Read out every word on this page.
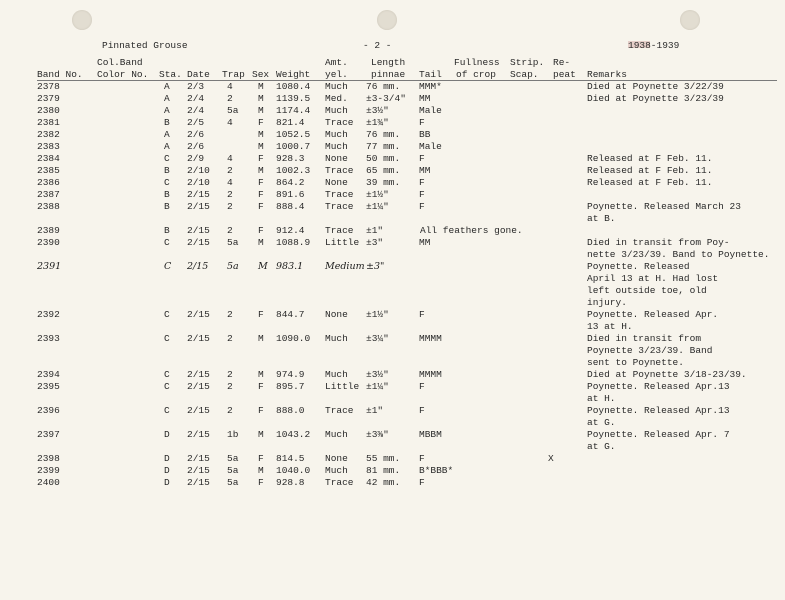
Pinnated Grouse	- 2 -	1938-1939
Col.Band	Amt. Length	Fullness Strip. Re-
Band No. Color No. Sta. Date Trap Sex Weight yel. pinnae Tail of crop Scap. peat Remarks
2378	A 2/3 4	M 1080.4 Much 76 mm. MMM*	Died at Poynette 3/22/39
2379	A 2/4 2	M 1139.5 Med. ±3-3/4" MM	Died at Poynette 3/23/39
2380	A 2/4 5a M 1174.4 Much ±3½"	Male
2381	B 2/5 4	F 821.4 Trace ±1¾"	F
2382	A 2/6	M 1052.5 Much 76 mm. BB
2383	A 2/6	M 1000.7 Much 77 mm. Male
2384	C 2/9 4	F 928.3 None 50 mm. F	Released at F Feb. 11.
2385	B 2/10 2	M 1002.3 Trace 65 mm. MM	Released at F Feb. 11.
2386	C 2/10 4	F 864.2 None 39 mm. F	Released at F Feb. 11.
2387	B 2/15 2	F 891.6 Trace ±1½"	F
2388	B 2/15 2	F 888.4 Trace ±1¼"	F	Poynette. Released March 23
at B.
2389	B 2/15 2	F 912.4 Trace ±1"	All feathers gone.
2390	C 2/15 5a M 1088.9 Little ±3"	MM	Died in transit from Poy-
nette 3/23/39. Band to Poynette.
2391	C 2/15 5a M 983.1 Medium ±3"	Poynette. Released
April 13 at H. Had lost
left outside toe, old
injury.
2392	C 2/15 2	F 844.7 None ±1½"	F	Poynette. Released Apr.
13 at H.
2393	C 2/15 2	M 1090.0 Much ±3¼"	MMMM	Died in transit from
Poynette 3/23/39. Band
sent to Poynette.
2394	C 2/15 2	M 974.9 Much ±3½"	MMMM	Died at Poynette 3/18-23/39.
2395	C 2/15 2	F 895.7 Little ±1¼"	F	Poynette. Released Apr.13
at H.
2396	C 2/15 2	F 888.0 Trace ±1"	F	Poynette. Released Apr.13
at G.
2397	D 2/15 1b M 1043.2 Much ±3⅜"	MBBM	Poynette. Released Apr. 7
at G.
2398	D 2/15 5a F 814.5 None 55 mm. F	X
2399	D 2/15 5a M 1040.0 Much 81 mm. B*BBB*
2400	D 2/15 5a F 928.8 Trace 42 mm. F
